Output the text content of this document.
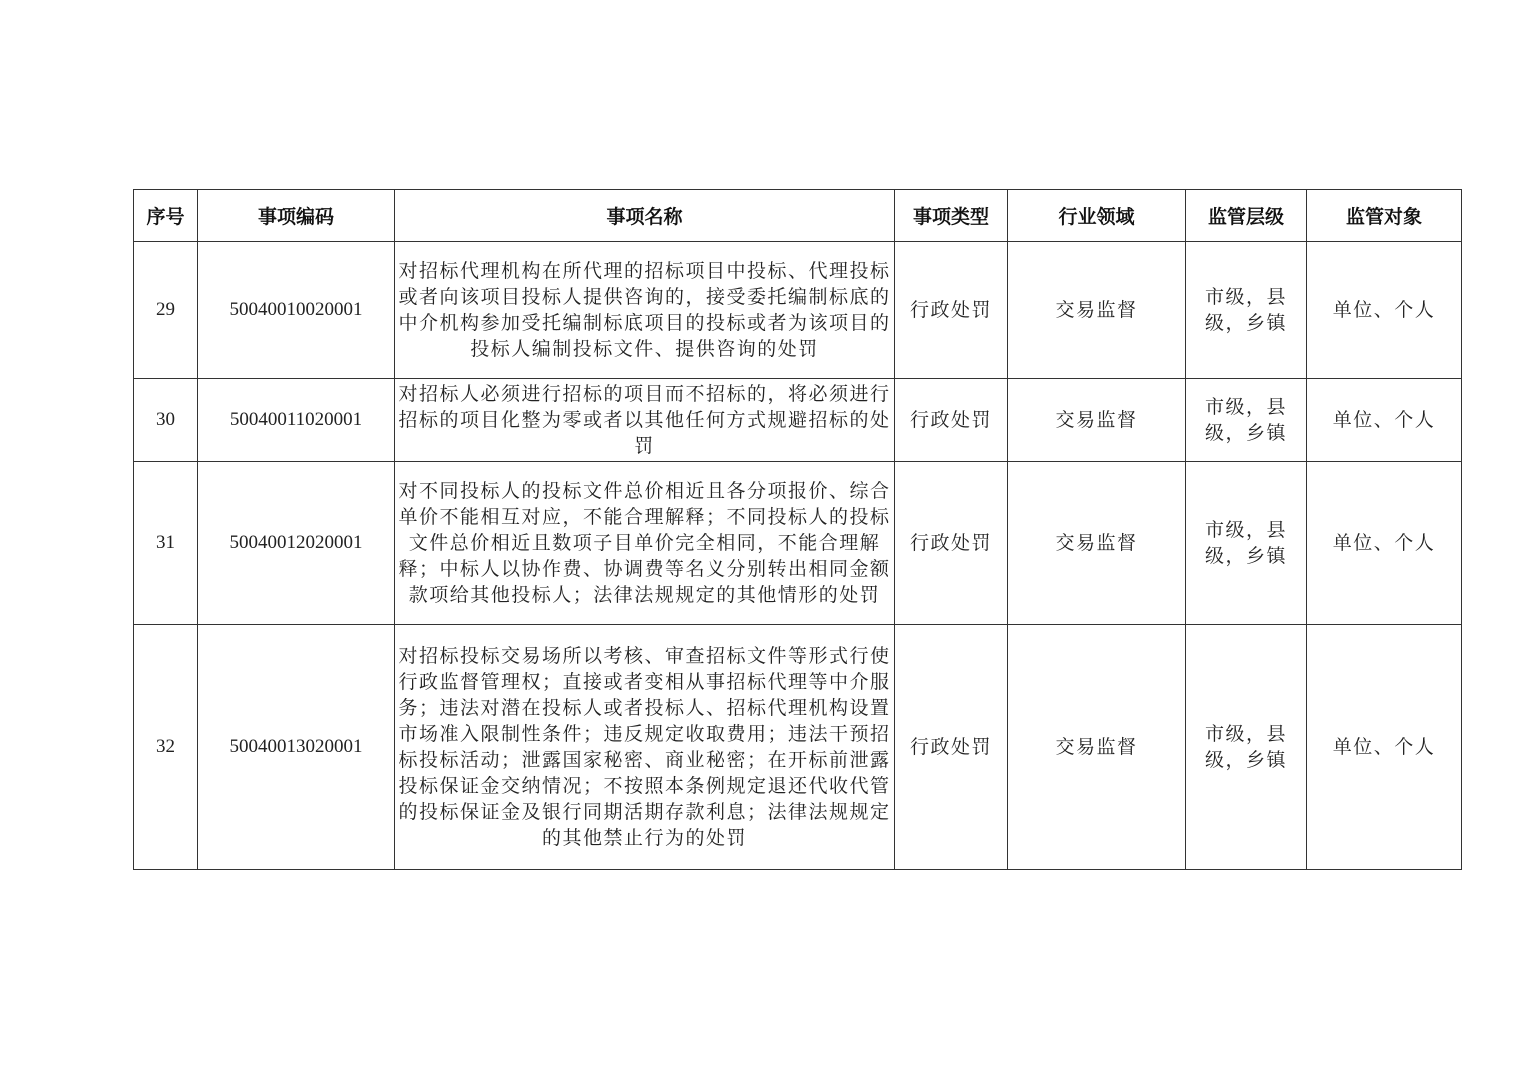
序号	事项编码	事项名称	事项类型	行业领域	监管层级	监管对象
29	50040010020001	对招标代理机构在所代理的招标项目中投标、代理投标或者向该项目投标人提供咨询的，接受委托编制标底的中介机构参加受托编制标底项目的投标或者为该项目的投标人编制投标文件、提供咨询的处罚	行政处罚	交易监督	市级，县级，乡镇	单位、个人
30	50040011020001	对招标人必须进行招标的项目而不招标的，将必须进行招标的项目化整为零或者以其他任何方式规避招标的处罚	行政处罚	交易监督	市级，县级，乡镇	单位、个人
31	50040012020001	对不同投标人的投标文件总价相近且各分项报价、综合单价不能相互对应，不能合理解释；不同投标人的投标文件总价相近且数项子目单价完全相同，不能合理解释；中标人以协作费、协调费等名义分别转出相同金额款项给其他投标人；法律法规规定的其他情形的处罚	行政处罚	交易监督	市级，县级，乡镇	单位、个人
32	50040013020001	对招标投标交易场所以考核、审查招标文件等形式行使行政监督管理权；直接或者变相从事招标代理等中介服务；违法对潜在投标人或者投标人、招标代理机构设置市场准入限制性条件；违反规定收取费用；违法干预招标投标活动；泄露国家秘密、商业秘密；在开标前泄露投标保证金交纳情况；不按照本条例规定退还代收代管的投标保证金及银行同期活期存款利息；法律法规规定的其他禁止行为的处罚	行政处罚	交易监督	市级，县级，乡镇	单位、个人
